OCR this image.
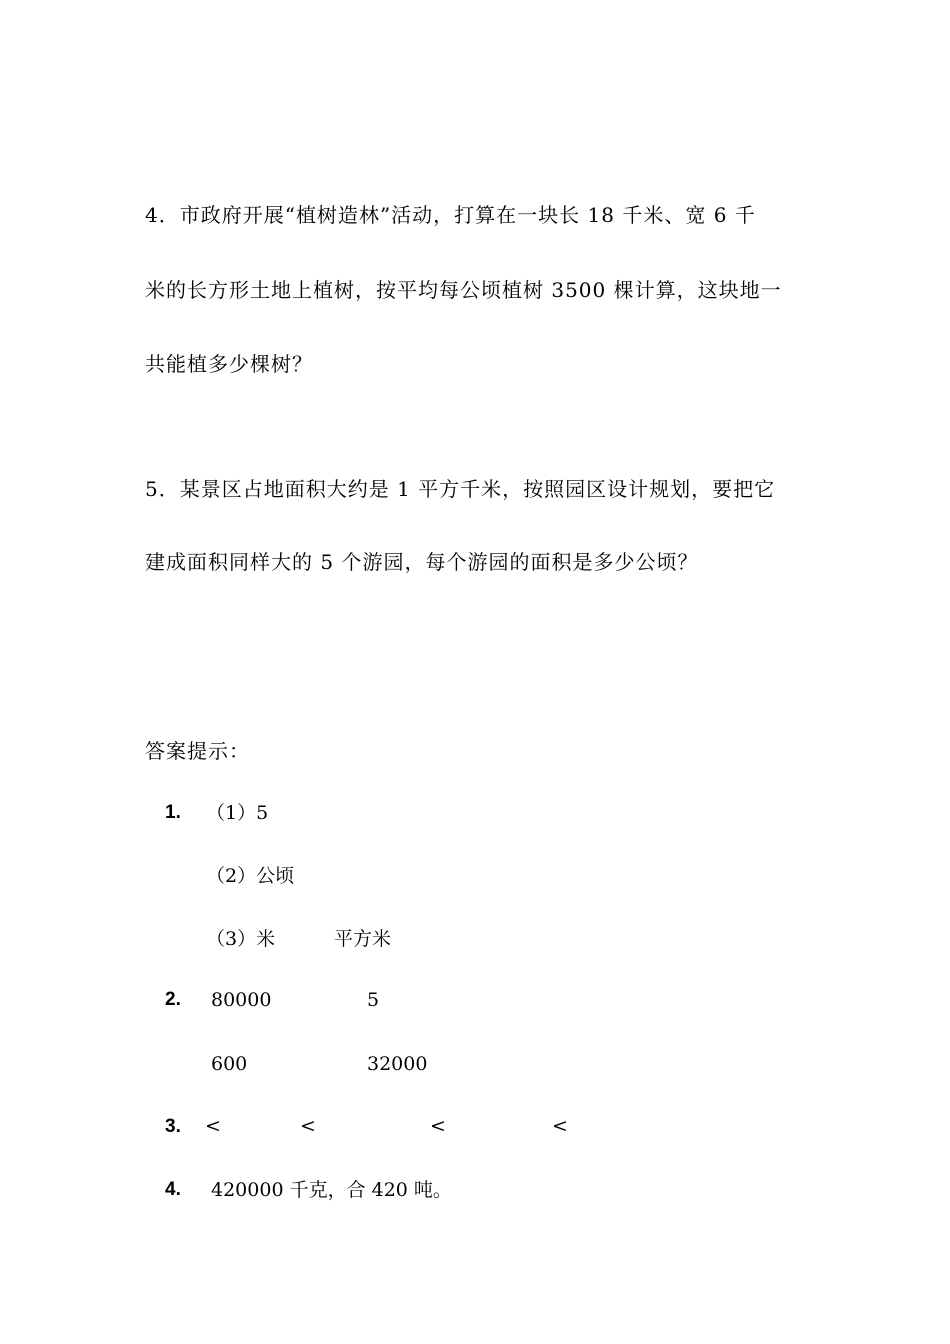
4．市政府开展“植树造林”活动，打算在一块长 18 千米、宽 6 千
米的长方形土地上植树，按平均每公顷植树 3500 棵计算，这块地一
共能植多少棵树？
5．某景区占地面积大约是 1 平方千米，按照园区设计规划，要把它
建成面积同样大的 5 个游园，每个游园的面积是多少公顷？
答案提示：
1. （1）5
（2）公顷
（3）米	平方米
2. 80000	5
600	32000
3. <	<	<	<
4. 420000 千克，合 420 吨。
